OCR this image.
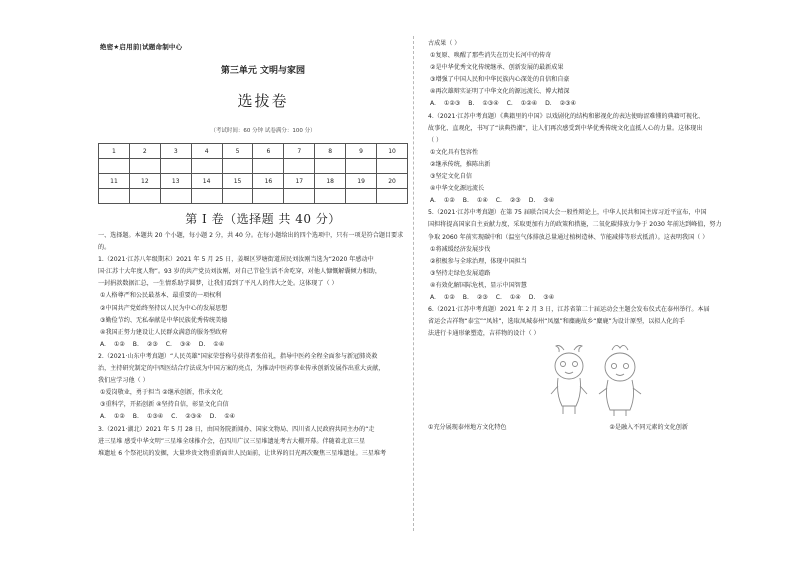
绝密★启用前|试题命制中心
第三单元 文明与家园
选拔卷
（考试时间：60 分钟 试卷满分：100 分）
1	2	3	4	5	6	7	8	9	10

11	12	13	14	15	16	17	18	19	20

第 I 卷（选择题 共 40 分）

一、选择题。本题共 20 个小题，每小题 2 分，共 40 分。在每小题给出的四个选项中，只有一项是符合题目要求的。

1.（2021·江苏八年级期末）2021 年 5 月 25 日，姜堰区罗塘街道居民刘汝刚当选为“2020 年感动中

国·江苏十大年度人物”。93 岁的共产党员刘汝刚，对自己节俭生活不舍吃穿，对他人慷慨解囊倾力相助，

一封捐款数据汇总，一生情系助学圆梦，让我们看到了平凡人的伟大之处。这体现了（ ）

①人格尊严和公民最基本、最重要的一项权利

②中国共产党始终坚持以人民为中心的发展思想

③勤俭节约、无私奉献是中华民族优秀传统美德

④我国正努力建设让人民群众满意的服务型政府

A. ①② B. ②③ C. ③④ D. ①④

2.（2021·山东中考真题）“人民英雄”国家荣誉称号获得者张伯礼，指导中医药全程全面参与新冠肺炎救

治，主持研究制定的中西医结合疗法成为中国方案的亮点，为推动中医药事业传承创新发展作出重大贡献，

我们应学习他（ ）

①爱岗敬业，勇于担当 ②继承创新，伟承文化

③重科学，开拓创新 ④坚持自信，彰显文化自信

A. ①② B. ①③④ C. ②③④ D. ①④

3.（2021·湖北）2021 年 5 月 28 日，由国务院新闻办、国家文物局、四川省人民政府共同主办的“走

进三星堆 感受中华文明”三星堆全球推介会，在四川广汉三星堆遗址考古大棚开幕。伴随着北京三星

堆遗址 6 个祭祀坑的发掘，大量珍贵文物重新面世人民面前，让世界的目光再次聚焦三星堆遗址。三星堆考

古成果（ ）

①复原、唤醒了那些消失在历史长河中的传奇

②是中华优秀文化传统继承、创新发展的最新成果

③增强了中国人民和中华民族内心深处的自信和自豪

④再次雄辩实证明了中华文化的源远流长、博大精深

A. ①②③ B. ①③④ C. ①②④ D. ②③④

4.（2021·江苏中考真题）《典籍里的中国》以戏剧化的结构和影视化的表达使晦涩难懂的典籍可视化、

故事化、直观化，书写了“读典热潮”，让人们再次感受到中华优秀传统文化直抵人心的力量。这体现出

（ ）

①文化具有包容性

②继承传统，推陈出新

③坚定文化自信

④中华文化源远流长

A. ①② B. ①④ C. ②③ D. ③④

5.（2021·江苏中考真题）在第 75 届联合国大会一般性辩论上，中华人民共和国主席习近平宣布，中国

国担将提高国家自主贡献力度，采取更加有力的政策和措施，二氧化碳排放力争于 2030 年前达到峰值，努力

争取 2060 年前实现碳中和（温室气体排放总量通过植树造林、节能减排等形式抵消）。这表明我国（ ）

①将减缓经济发展步伐

②积极参与全球治理，体现中国担当

③坚持走绿色发展道路

④有效化解国际危机，显示中国智慧

A. ①② B. ②③ C. ①④ D. ③④

6.（2021·江苏中考真题）2021 年 2 月 3 日，江苏省第二十届运动会主题会发布仪式在泰州举行。本届

省运会吉祥物“泰宝”“凤娃”，选取凤城泰州“凤凰”和麋鹿故乡“麋鹿”为设计原型，以拟人化的手

法进行卡通形象塑造，吉祥物的设计（ ）

①充分展现泰州地方文化特色	②是融入不同元素的文化创新
